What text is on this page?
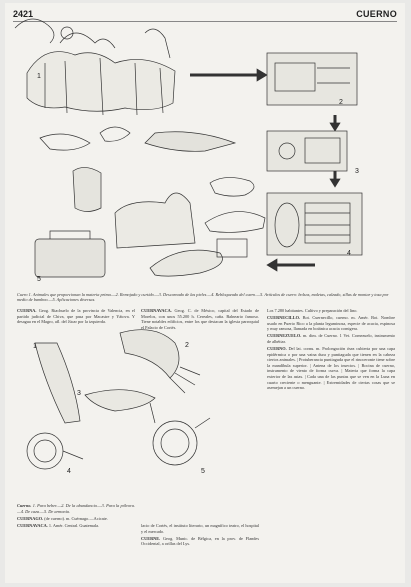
2421	CUERNO
1
2
3
4
5
1	2
3
4	5
Cuero 1. Animales que proporcionan la materia prima.—2. Remojado y curtido.—3. Descarnado de las pieles.—4. Rebloqueado del cuero.—5. Artículos de cuero: bolsos, maletas, calzado, sillas de montar y tosa por medio de bamboo.—5. Aplicaciones diversas.

CUERNA. Geog. Riachuelo de la provincia de Valencia, en el partido judicial de Chiva, que pasa por Macastre y Yátova. Y desagua en el Magro, afl. del Júcar por la izquierda.

CUERNAVACA. Geog. C. de México, capital del Estado de Morelos, con unos 55.200 h. Cereales, caña. Balneario famoso. Tiene notables edificios, entre los que destacan la iglesia parroquial el Palacio de Cortés.

Los 7.280 habitantes. Cultivo y preparación del lino.

CUERNECILLO. Bot. Cuernecillo, cuerno. m. Amér. Bot. Nombre usado en Puerto Rico a la planta leguminosa, especie de acacia, espinosa y muy ramosa, llamada en botánica acacia cornigera.

CUERNEZUELO. m. dim. de Cuerno. 1 Vet. Cornezuelo, instrumento de albéitar.

CUERNO. Del lat. cornu. m. Prolongación ósea cubierta por una capa epidérmica o por una vaina dura y puntiaguda que tienen en la cabeza ciertos animales. | Protuberancia puntiaguda que el rinoceronte tiene sobre la mandíbula superior. | Antena de los insectos. | Bocina de cuerno, instrumento de viento de forma curva. | Materia que forma la capa exterior de las astas. | Cada una de las puntas que se ven en la Luna en cuarto creciente o menguante. | Extremidades de ciertas cosas que se asemejan a un cuerno.

Cuerno. 1. Para beber.—2. De la abundancia.—3. Para la pólvora.—4. De caza.—5. De armonía.

CUERNAGO. (de cuerno). m. Cuérnago.—Acicate.

CUERNAVACA. 1. Amér. Central. Guatemala.	lacio de Cortés, el instituto literario, un magnífico teatro, el hospital y el mercado.

CUERNE. Geog. Munic. de Bélgica, en la prov. de Flandes Occidental, a orillas del Lys.
